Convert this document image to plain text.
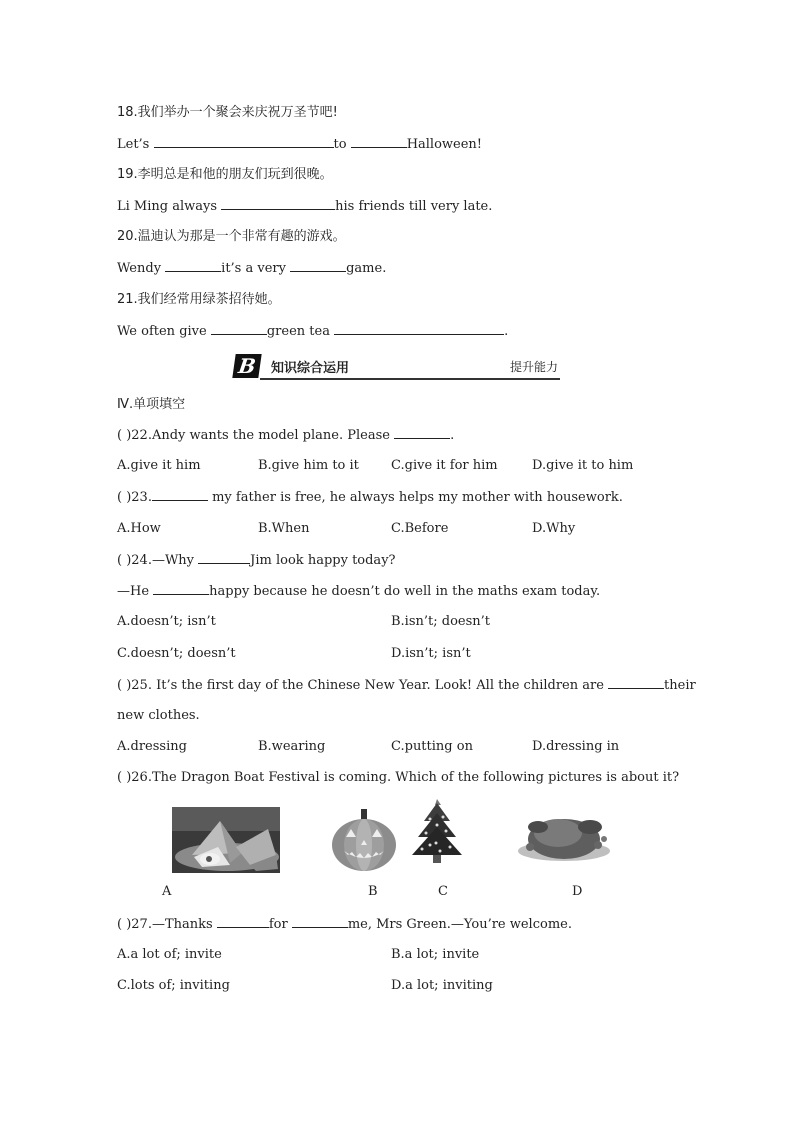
18.我们举办一个聚会来庆祝万圣节吧!
Let’s	to	Halloween!
19.李明总是和他的朋友们玩到很晚。
Li Ming always	his friends till very late.
20.温迪认为那是一个非常有趣的游戏。
Wendy	it’s a very	game.
21.我们经常用绿茶招待她。
We often give	green tea	.
B	知识综合运用	提升能力
Ⅳ.单项填空
( )22.Andy wants the model plane. Please	.
A.give it him	B.give him to it C.give it for him	D.give it to him
( )23.	my father is free, he always helps my mother with housework.
A.How	B.When	C.Before	D.Why
( )24.—Why	Jim look happy today?
—He	happy because he doesn’t do well in the maths exam today.
A.doesn’t; isn’t	B.isn’t; doesn’t
C.doesn’t; doesn’t	D.isn’t; isn’t
( )25. It’s the first day of the Chinese New Year. Look! All the children are	their
new clothes.
A.dressing	B.wearing	C.putting on	D.dressing in
( )26.The Dragon Boat Festival is coming. Which of the following pictures is about it?
A	B	C	D
( )27.—Thanks	for	me, Mrs Green.—You’re welcome.
A.a lot of; invite	B.a lot; invite
C.lots of; inviting	D.a lot; inviting
